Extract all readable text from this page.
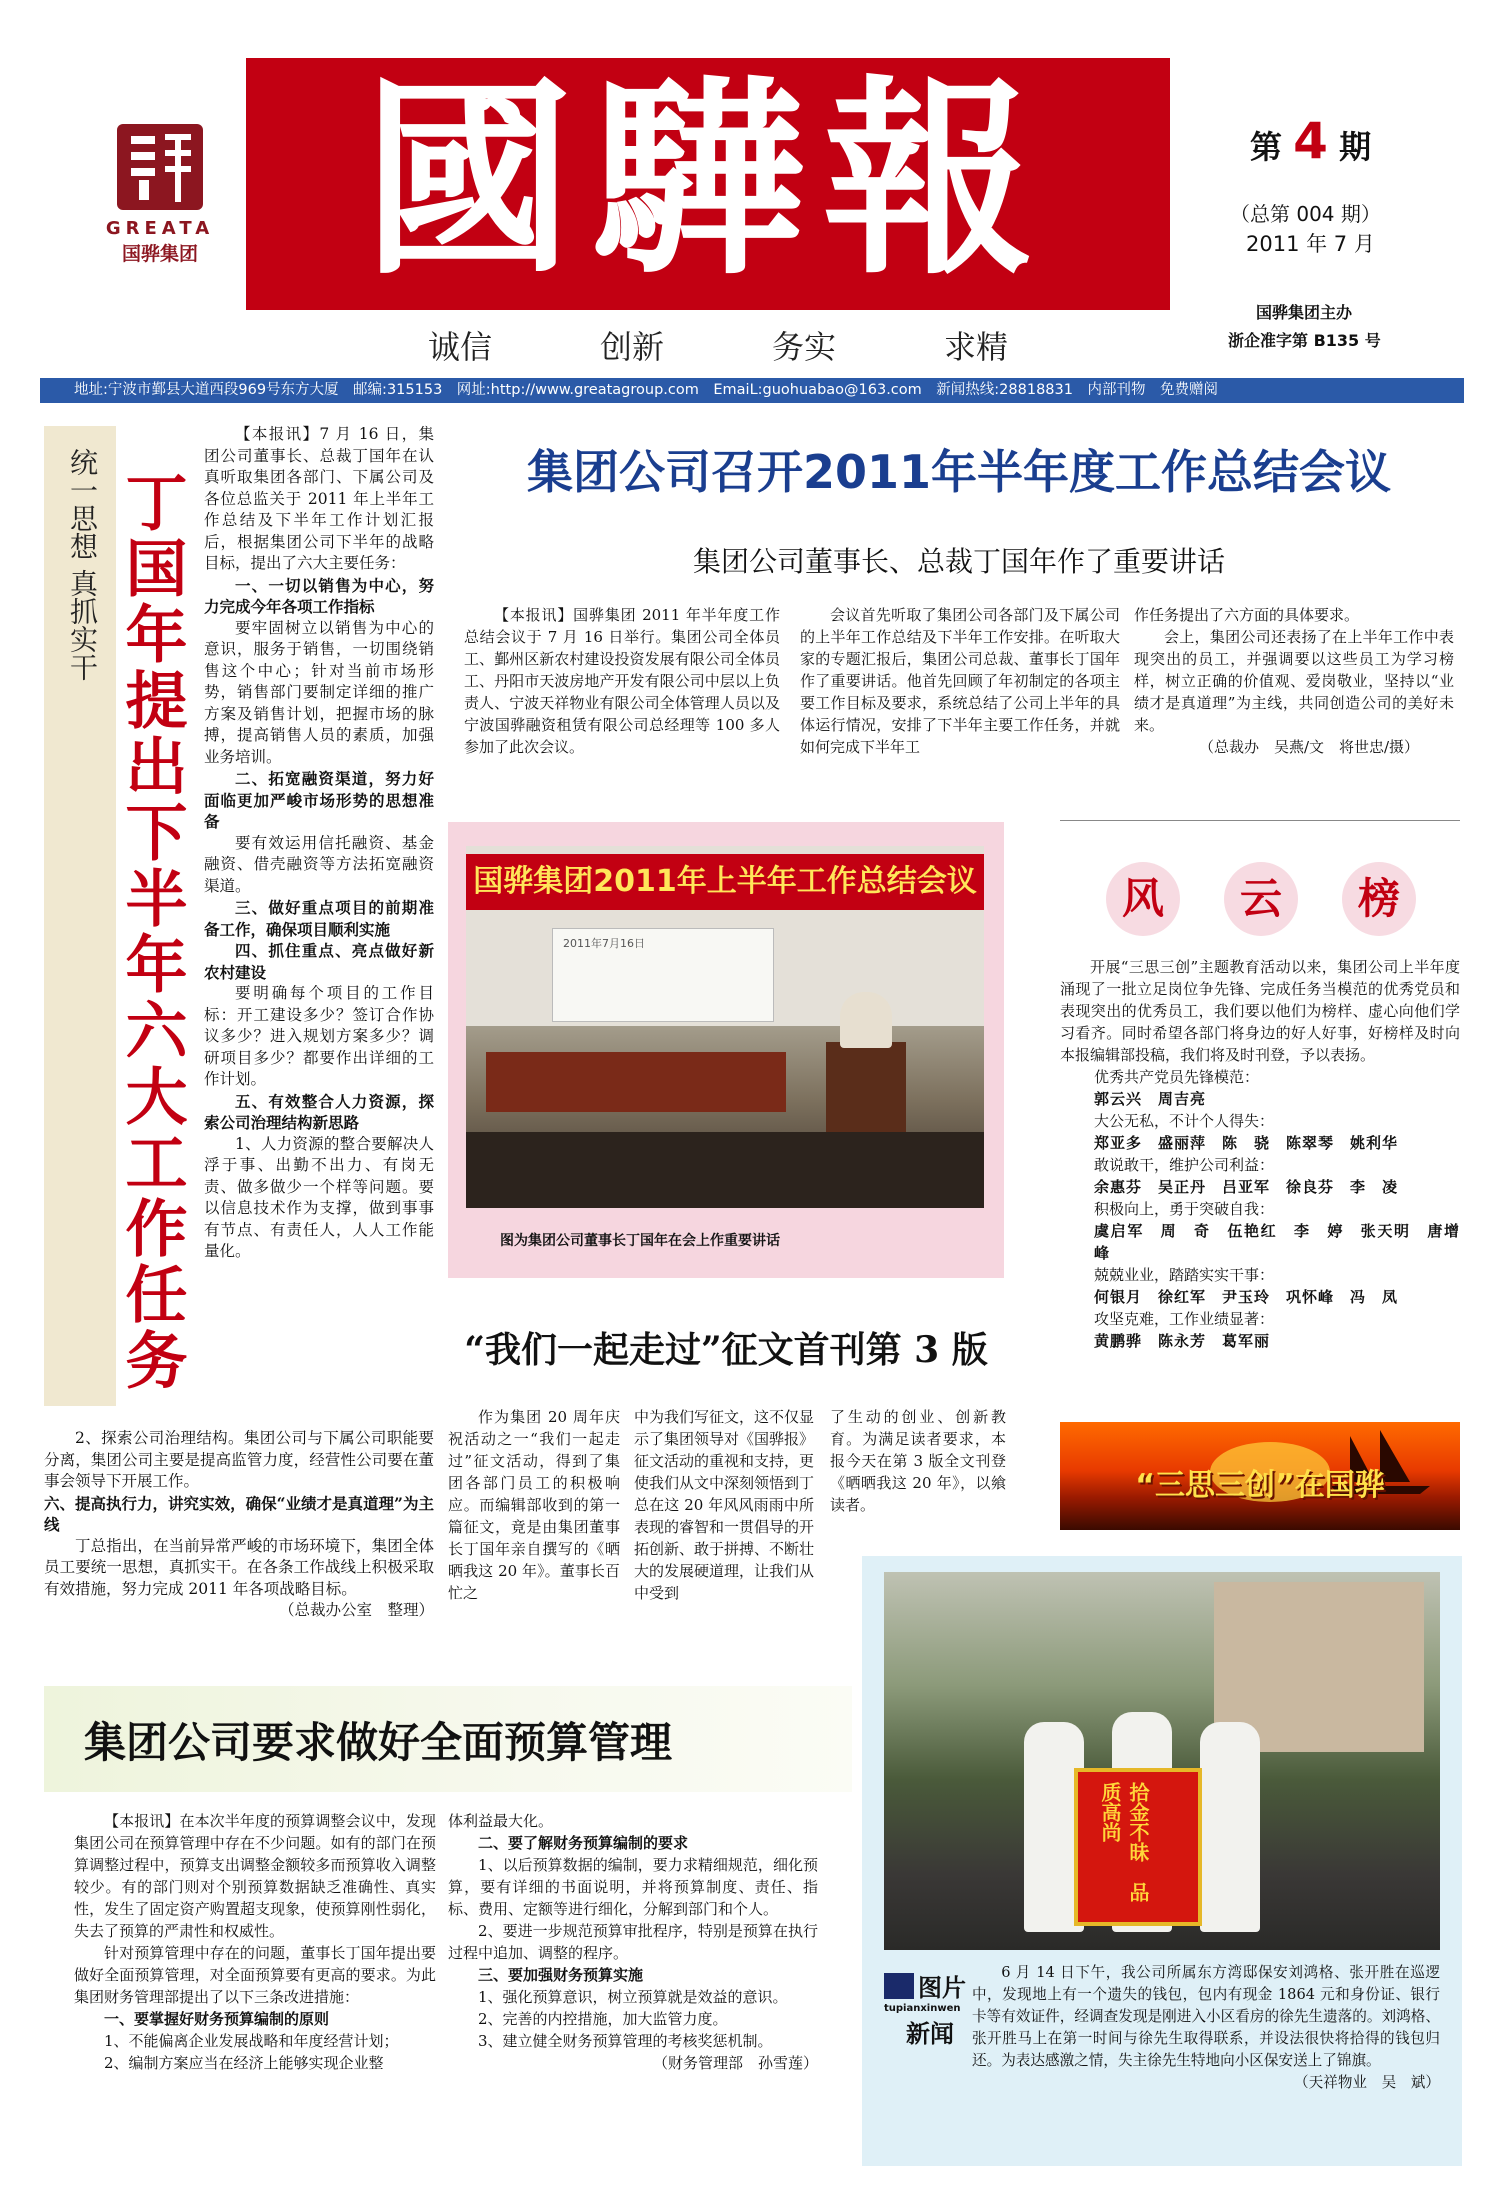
GREATA
国骅集团 國驊報
诚信	创新	务实	求精
第 4 期
（总第 004 期）
2011 年 7 月
国骅集团主办
浙企准字第 B135 号
地址:宁波市鄞县大道西段969号东方大厦　邮编:315153　网址:http://www.greatagroup.com　EmaiL:guohuabao@163.com　新闻热线:28818831　内部刊物　免费赠阅
统一思想 真抓实干 丁国年提出下半年六大工作任务

【本报讯】7 月 16 日，集团公司董事长、总裁丁国年在认真听取集团各部门、下属公司及各位总监关于 2011 年上半年工作总结及下半年工作计划汇报后，根据集团公司下半年的战略目标，提出了六大主要任务：

一、一切以销售为中心，努力完成今年各项工作指标

要牢固树立以销售为中心的意识，服务于销售，一切围绕销售这个中心；针对当前市场形势，销售部门要制定详细的推广方案及销售计划，把握市场的脉搏，提高销售人员的素质，加强业务培训。

二、拓宽融资渠道，努力好面临更加严峻市场形势的思想准备

要有效运用信托融资、基金融资、借壳融资等方法拓宽融资渠道。

三、做好重点项目的前期准备工作，确保项目顺利实施

四、抓住重点、亮点做好新农村建设

要明确每个项目的工作目标：开工建设多少？签订合作协议多少？进入规划方案多少？调研项目多少？都要作出详细的工作计划。

五、有效整合人力资源，探索公司治理结构新思路

1、人力资源的整合要解决人浮于事、出勤不出力、有岗无责、做多做少一个样等问题。要以信息技术作为支撑，做到事事有节点、有责任人，人人工作能量化。

2、探索公司治理结构。集团公司与下属公司职能要分离，集团公司主要是提高监管力度，经营性公司要在董事会领导下开展工作。

六、提高执行力，讲究实效，确保“业绩才是真道理”为主线

丁总指出，在当前异常严峻的市场环境下，集团全体员工要统一思想，真抓实干。在各条工作战线上积极采取有效措施，努力完成 2011 年各项战略目标。

（总裁办公室　整理）

集团公司召开2011年半年度工作总结会议
集团公司董事长、总裁丁国年作了重要讲话

【本报讯】国骅集团 2011 年半年度工作总结会议于 7 月 16 日举行。集团公司全体员工、鄞州区新农村建设投资发展有限公司全体员工、丹阳市天波房地产开发有限公司中层以上负责人、宁波天祥物业有限公司全体管理人员以及宁波国骅融资租赁有限公司总经理等 100 多人参加了此次会议。

会议首先听取了集团公司各部门及下属公司的上半年工作总结及下半年工作安排。在听取大家的专题汇报后，集团公司总裁、董事长丁国年作了重要讲话。他首先回顾了年初制定的各项主要工作目标及要求，系统总结了公司上半年的具体运行情况，安排了下半年主要工作任务，并就如何完成下半年工

作任务提出了六方面的具体要求。

会上，集团公司还表扬了在上半年工作中表现突出的员工，并强调要以这些员工为学习榜样，树立正确的价值观、爱岗敬业，坚持以“业绩才是真道理”为主线，共同创造公司的美好未来。

（总裁办　吴燕/文　将世忠/摄）

国骅集团2011年上半年工作总结会议
2011年7月16日
图为集团公司董事长丁国年在会上作重要讲话
“我们一起走过”征文首刊第 3 版

作为集团 20 周年庆祝活动之一“我们一起走过”征文活动，得到了集团各部门员工的积极响应。而编辑部收到的第一篇征文，竟是由集团董事长丁国年亲自撰写的《晒晒我这 20 年》。董事长百忙之

中为我们写征文，这不仅显示了集团领导对《国骅报》征文活动的重视和支持，更使我们从文中深刻领悟到丁总在这 20 年风风雨雨中所表现的睿智和一贯倡导的开拓创新、敢于拼搏、不断壮大的发展硬道理，让我们从中受到

了生动的创业、创新教育。为满足读者要求，本报今天在第 3 版全文刊登《晒晒我这 20 年》，以飨读者。

风	云	榜

开展“三思三创”主题教育活动以来，集团公司上半年度涌现了一批立足岗位争先锋、完成任务当模范的优秀党员和表现突出的优秀员工，我们要以他们为榜样、虚心向他们学习看齐。同时希望各部门将身边的好人好事，好榜样及时向本报编辑部投稿，我们将及时刊登，予以表扬。

优秀共产党员先锋模范：
郭云兴　周吉亮
大公无私，不计个人得失：
郑亚多　盛丽萍　陈　骁　陈翠琴　姚利华
敢说敢干，维护公司利益：
余惠芬　吴正丹　吕亚军　徐良芬　李　凌
积极向上，勇于突破自我：
虞启军　周　奇　伍艳红　李　婷　张天明　唐增峰
兢兢业业，踏踏实实干事：
何银月　徐红军　尹玉玲　巩怀峰　冯　凤
攻坚克难，工作业绩显著：
黄鹏骅　陈永芳　葛军丽
“三思三创”在国骅
拾金不昧　品质高尚
图片
tupianxinwen
新闻

6 月 14 日下午，我公司所属东方湾邸保安刘鸿格、张开胜在巡逻中，发现地上有一个遗失的钱包，包内有现金 1864 元和身份证、银行卡等有效证件，经调查发现是刚进入小区看房的徐先生遗落的。刘鸿格、张开胜马上在第一时间与徐先生取得联系，并设法很快将拾得的钱包归还。为表达感激之情，失主徐先生特地向小区保安送上了锦旗。

（天祥物业　吴　斌）

集团公司要求做好全面预算管理

【本报讯】在本次半年度的预算调整会议中，发现集团公司在预算管理中存在不少问题。如有的部门在预算调整过程中，预算支出调整金额较多而预算收入调整较少。有的部门则对个别预算数据缺乏准确性、真实性，发生了固定资产购置超支现象，使预算刚性弱化，失去了预算的严肃性和权威性。

针对预算管理中存在的问题，董事长丁国年提出要做好全面预算管理，对全面预算要有更高的要求。为此集团财务管理部提出了以下三条改进措施：

一、要掌握好财务预算编制的原则

1、不能偏离企业发展战略和年度经营计划；

2、编制方案应当在经济上能够实现企业整

体利益最大化。

二、要了解财务预算编制的要求

1、以后预算数据的编制，要力求精细规范，细化预算，要有详细的书面说明，并将预算制度、责任、指标、费用、定额等进行细化，分解到部门和个人。

2、要进一步规范预算审批程序，特别是预算在执行过程中追加、调整的程序。

三、要加强财务预算实施

1、强化预算意识，树立预算就是效益的意识。

2、完善的内控措施，加大监管力度。

3、建立健全财务预算管理的考核奖惩机制。

（财务管理部　孙雪莲）
